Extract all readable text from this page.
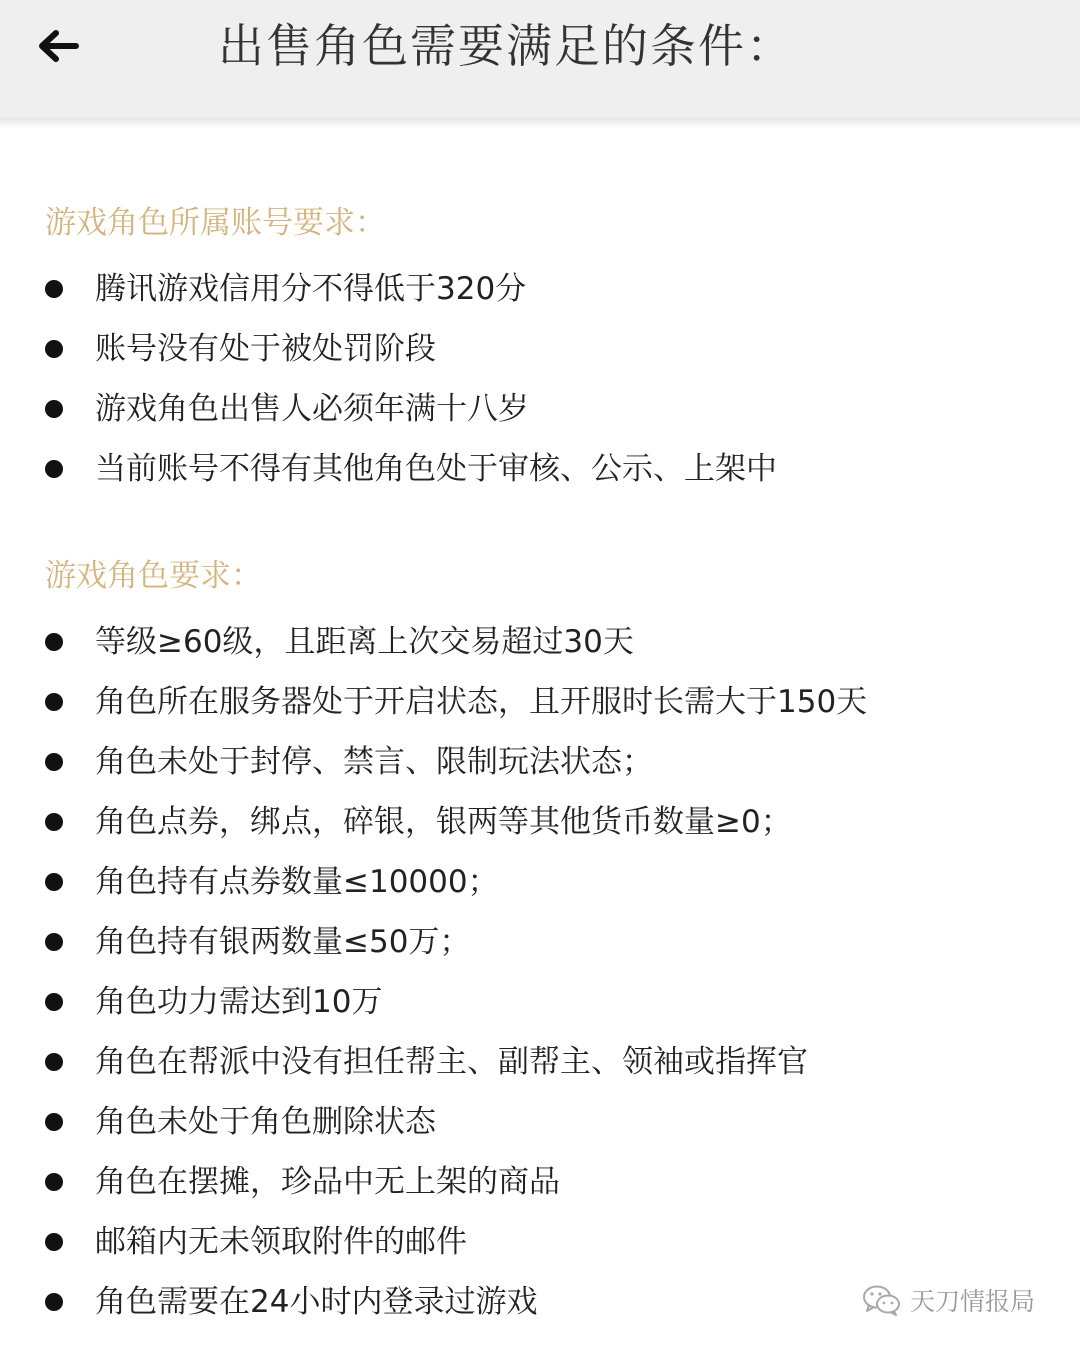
出售角色需要满足的条件：
游戏角色所属账号要求：
腾讯游戏信用分不得低于320分
账号没有处于被处罚阶段
游戏角色出售人必须年满十八岁
当前账号不得有其他角色处于审核、公示、上架中
游戏角色要求：
等级≥60级，且距离上次交易超过30天
角色所在服务器处于开启状态，且开服时长需大于150天
角色未处于封停、禁言、限制玩法状态；
角色点券，绑点，碎银，银两等其他货币数量≥0；
角色持有点券数量≤10000；
角色持有银两数量≤50万；
角色功力需达到10万
角色在帮派中没有担任帮主、副帮主、领袖或指挥官
角色未处于角色删除状态
角色在摆摊，珍品中无上架的商品
邮箱内无未领取附件的邮件
角色需要在24小时内登录过游戏	天刀情报局
